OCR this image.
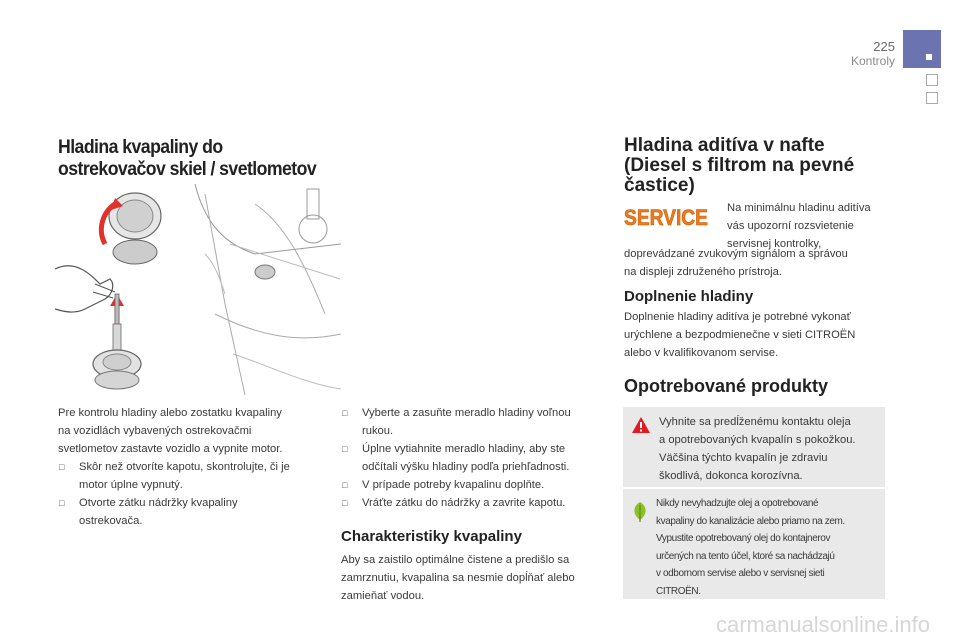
225
Kontroly
Hladina kvapaliny do
ostrekovačov skiel / svetlometov
Pre kontrolu hladiny alebo zostatku kvapaliny
na vozidlách vybavených ostrekovačmi
svetlometov zastavte vozidlo a vypnite motor.
□ Skôr než otvoríte kapotu, skontrolujte, či je
motor úplne vypnutý.
□ Otvorte zátku nádržky kvapaliny
ostrekovača.
□ Vyberte a zasuňte meradlo hladiny voľnou
rukou.
□ Úplne vytiahnite meradlo hladiny, aby ste
odčítali výšku hladiny podľa priehľadnosti.
□ V prípade potreby kvapalinu doplňte.
□ Vráťte zátku do nádržky a zavrite kapotu.
Charakteristiky kvapaliny
Aby sa zaistilo optimálne čistene a predišlo sa
zamrznutiu, kvapalina sa nesmie dopĺňať alebo
zamieňať vodou.
Hladina aditíva v nafte
(Diesel s filtrom na pevné
častice)
SERVICE Na minimálnu hladinu aditíva
vás upozorní rozsvietenie
servisnej kontrolky,
doprevádzané zvukovým signálom a správou
na displeji združeného prístroja.
Doplnenie hladiny
Doplnenie hladiny aditíva je potrebné vykonať
urýchlene a bezpodmienečne v sieti CITROËN
alebo v kvalifikovanom servise.
Opotrebované produkty
Vyhnite sa predĺženému kontaktu oleja
a opotrebovaných kvapalín s pokožkou.
Väčšina týchto kvapalín je zdraviu
škodlivá, dokonca korozívna.
Nikdy nevyhadzujte olej a opotrebované
kvapaliny do kanalizácie alebo priamo na zem.
Vypustite opotrebovaný olej do kontajnerov
určených na tento účel, ktoré sa nachádzajú
v odbornom servise alebo v servisnej sieti
CITROËN.
carmanualsonline.info
